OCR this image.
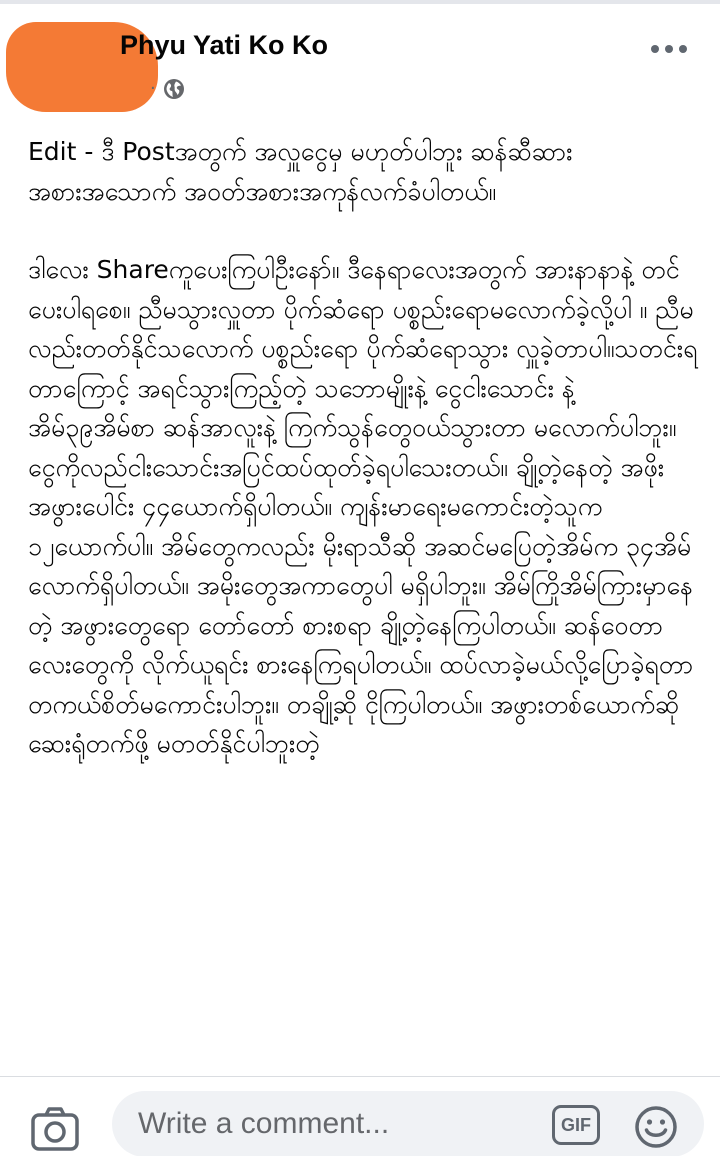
Phyu Yati Ko Ko
·

Edit - ဒီ Postအတွက် အလှူငွေမှ မဟုတ်ပါဘူး ဆန်ဆီဆားအစားအသောက် အဝတ်အစားအကုန်လက်ခံပါတယ်။

ဒါလေး Shareကူပေးကြပါဦးနော်။ ဒီနေရာလေးအတွက် အားနာနာနဲ့ တင်ပေးပါရစေ။ ညီမသွားလှူတာ ပိုက်ဆံရော ပစ္စည်းရောမလောက်ခဲ့လို့ပါ ။ ညီမလည်းတတ်နိုင်သလောက် ပစ္စည်းရော ပိုက်ဆံရောသွား လှူခဲ့တာပါ။သတင်းရတာကြောင့် အရင်သွားကြည့်တဲ့ သဘောမျိုးနဲ့ ငွေငါးသောင်း နဲ့ အိမ်၃၉အိမ်စာ ဆန်အာလူးနဲ့ ကြက်သွန်တွေဝယ်သွားတာ မလောက်ပါဘူး။ ငွေကိုလည်ငါးသောင်းအပြင်ထပ်ထုတ်ခဲ့ရပါသေးတယ်။ ချို့တဲ့နေတဲ့ အဖိုးအဖွားပေါင်း ၄၄ယောက်ရှိပါတယ်။ ကျန်းမာရေးမကောင်းတဲ့သူက ၁၂ယောက်ပါ။ အိမ်တွေကလည်း မိုးရာသီဆို အဆင်မပြေတဲ့အိမ်က ၃၄အိမ်လောက်ရှိပါတယ်။ အမိုးတွေအကာတွေပါ မရှိပါဘူး။ အိမ်ကြိုအိမ်ကြားမှာနေတဲ့ အဖွားတွေရော တော်တော် စားစရာ ချို့တဲ့နေကြပါတယ်။ ဆန်ဝေတာလေးတွေကို လိုက်ယူရင်း စားနေကြရပါတယ်။ ထပ်လာခဲ့မယ်လို့ပြောခဲ့ရတာ တကယ်စိတ်မကောင်းပါဘူး။ တချို့ဆို ငိုကြပါတယ်။ အဖွားတစ်ယောက်ဆို ဆေးရုံတက်ဖို့ မတတ်နိုင်ပါဘူးတဲ့

Write a comment...
GIF
